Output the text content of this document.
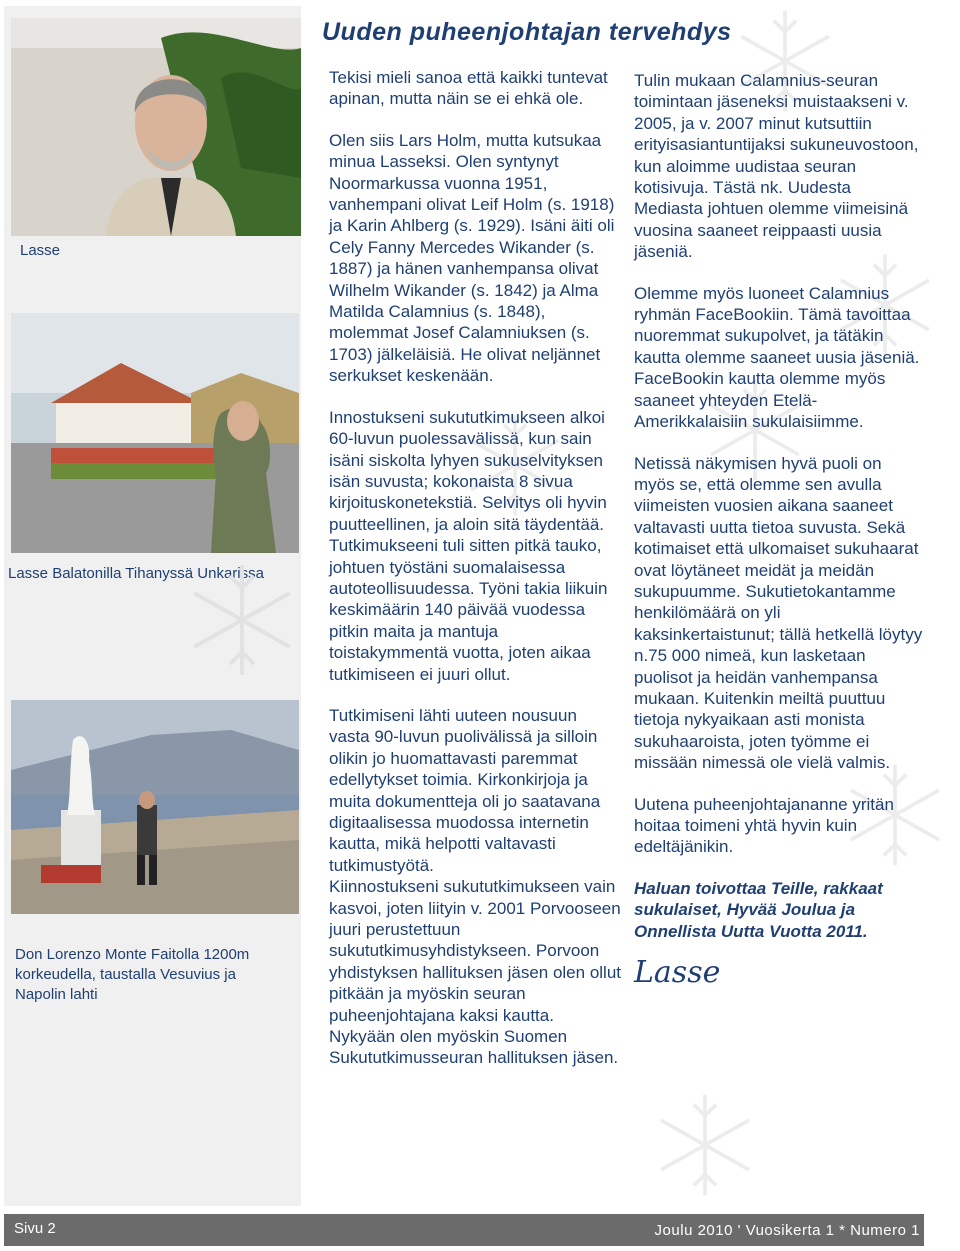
Lasse
Lasse Balatonilla Tihanyssä Unkarissa
Don Lorenzo Monte Faitolla 1200m korkeudella, taustalla Vesuvius ja Napolin lahti
Uuden puheenjohtajan tervehdys

Tekisi mieli sanoa että kaikki tuntevat apinan, mutta näin se ei ehkä ole.

Olen siis Lars Holm, mutta kutsukaa minua Lasseksi. Olen syntynyt Noormarkussa vuonna 1951, vanhempani olivat Leif Holm (s. 1918) ja Karin Ahlberg (s. 1929). Isäni äiti oli Cely Fanny Mercedes Wikander (s. 1887) ja hänen vanhempansa olivat Wilhelm Wikander (s. 1842) ja Alma Matilda Calamnius (s. 1848), molemmat Josef Calamniuksen (s. 1703) jälkeläisiä. He olivat neljännet serkukset keskenään.

Innostukseni sukututkimukseen alkoi 60-luvun puolessavälissä, kun sain isäni siskolta lyhyen sukuselvityksen isän suvusta; kokonaista 8 sivua kirjoituskonetekstiä. Selvitys oli hyvin puutteellinen, ja aloin sitä täydentää. Tutkimukseeni tuli sitten pitkä tauko, johtuen työstäni suomalaisessa autoteollisuudessa. Työni takia liikuin keskimäärin 140 päivää vuodessa pitkin maita ja mantuja toistakymmentä vuotta, joten aikaa tutkimiseen ei juuri ollut.

Tutkimiseni lähti uuteen nousuun vasta 90-luvun puolivälissä ja silloin olikin jo huomattavasti paremmat edellytykset toimia. Kirkonkirjoja ja muita dokumentteja oli jo saatavana digitaalisessa muodossa internetin kautta, mikä helpotti valtavasti tutkimustyötä.

Kiinnostukseni sukututkimukseen vain kasvoi, joten liityin v. 2001 Porvooseen juuri perustettuun sukututkimusyhdistykseen. Porvoon yhdistyksen hallituksen jäsen olen ollut pitkään ja myöskin seuran puheenjohtajana kaksi kautta. Nykyään olen myöskin Suomen Sukututkimusseuran hallituksen jäsen.

Tulin mukaan Calamnius-seuran toimintaan jäseneksi muistaakseni v. 2005, ja v. 2007 minut kutsuttiin erityisasiantuntijaksi sukuneuvostoon, kun aloimme uudistaa seuran kotisivuja. Tästä nk. Uudesta Mediasta johtuen olemme viimeisinä vuosina saaneet reippaasti uusia jäseniä.

Olemme myös luoneet Calamnius ryhmän FaceBookiin. Tämä tavoittaa nuoremmat sukupolvet, ja tätäkin kautta olemme saaneet uusia jäseniä. FaceBookin kautta olemme myös saaneet yhteyden Etelä-Amerikkalaisiin sukulaisiimme.

Netissä näkymisen hyvä puoli on myös se, että olemme sen avulla viimeisten vuosien aikana saaneet valtavasti uutta tietoa suvusta. Sekä kotimaiset että ulkomaiset sukuhaarat ovat löytäneet meidät ja meidän sukupuumme. Sukutietokantamme henkilömäärä on yli kaksinkertaistunut; tällä hetkellä löytyy n.75 000 nimeä, kun lasketaan puolisot ja heidän vanhempansa mukaan. Kuitenkin meiltä puuttuu tietoja nykyaikaan asti monista sukuhaaroista, joten työmme ei missään nimessä ole vielä valmis.

Uutena puheenjohtajananne yritän hoitaa toimeni yhtä hyvin kuin edeltäjänikin.

Haluan toivottaa Teille, rakkaat sukulaiset, Hyvää Joulua ja Onnellista Uutta Vuotta 2011.

Lasse
Sivu 2	Joulu 2010 ' Vuosikerta 1 * Numero 1
